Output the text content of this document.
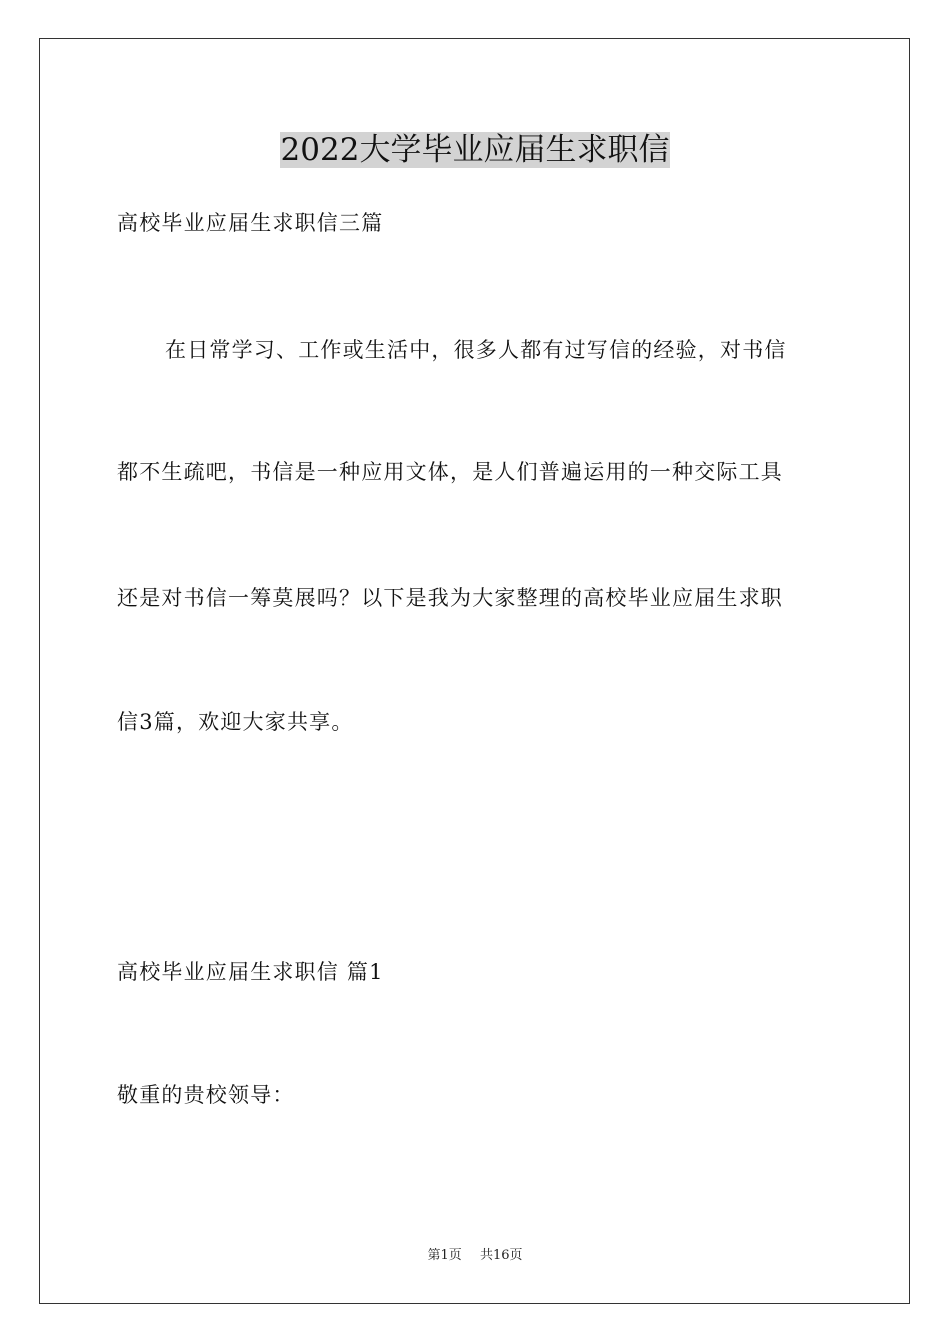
2022大学毕业应届生求职信
高校毕业应届生求职信三篇
在日常学习、工作或生活中，很多人都有过写信的经验，对书信
都不生疏吧，书信是一种应用文体，是人们普遍运用的一种交际工具
还是对书信一筹莫展吗？以下是我为大家整理的高校毕业应届生求职
信3篇，欢迎大家共享。
高校毕业应届生求职信 篇1
敬重的贵校领导：
第1页 共16页
